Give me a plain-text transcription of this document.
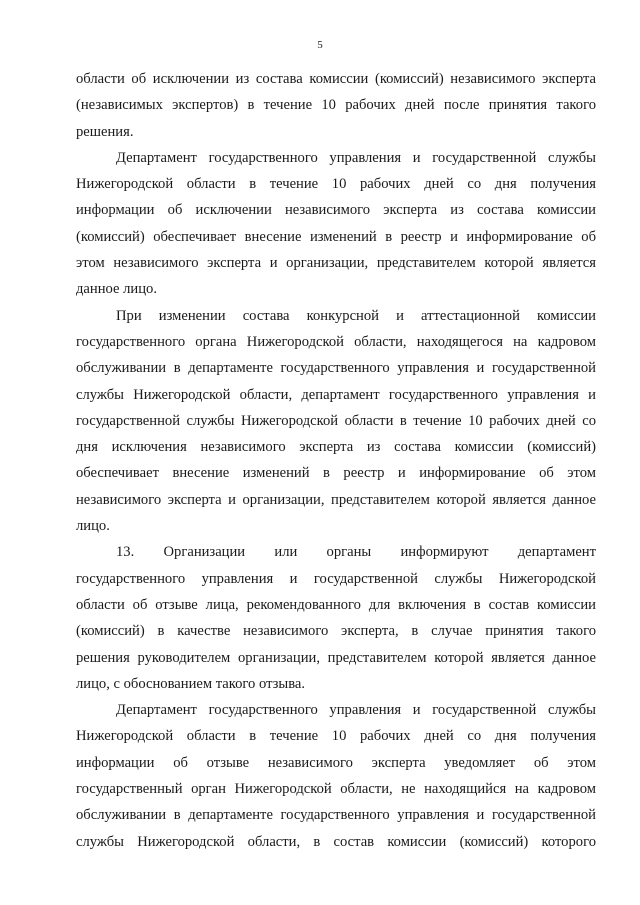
5
области об исключении из состава комиссии (комиссий) независимого эксперта
(независимых экспертов) в течение 10 рабочих дней после принятия такого
решения.
Департамент государственного управления и государственной службы
Нижегородской области в течение 10 рабочих дней со дня получения
информации об исключении независимого эксперта из состава комиссии
(комиссий) обеспечивает внесение изменений в реестр и информирование об
этом независимого эксперта и организации, представителем которой является
данное лицо.
При изменении состава конкурсной и аттестационной комиссии
государственного органа Нижегородской области, находящегося на кадровом
обслуживании в департаменте государственного управления и государственной
службы Нижегородской области, департамент государственного управления и
государственной службы Нижегородской области в течение 10 рабочих дней со
дня исключения независимого эксперта из состава комиссии (комиссий)
обеспечивает внесение изменений в реестр и информирование об этом
независимого эксперта и организации, представителем которой является данное
лицо.
13. Организации или органы информируют департамент
государственного управления и государственной службы Нижегородской
области об отзыве лица, рекомендованного для включения в состав комиссии
(комиссий) в качестве независимого эксперта, в случае принятия такого
решения руководителем организации, представителем которой является данное
лицо, с обоснованием такого отзыва.
Департамент государственного управления и государственной службы
Нижегородской области в течение 10 рабочих дней со дня получения
информации об отзыве независимого эксперта уведомляет об этом
государственный орган Нижегородской области, не находящийся на кадровом
обслуживании в департаменте государственного управления и государственной
службы Нижегородской области, в состав комиссии (комиссий) которого
